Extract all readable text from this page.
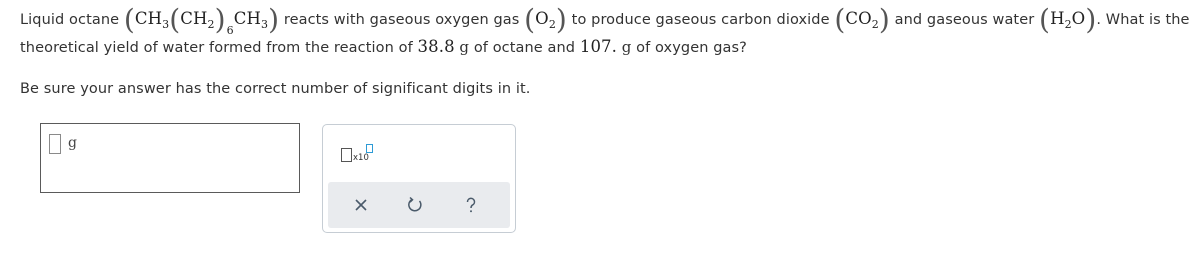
Liquid octane $(CH_3(CH_2)_6CH_3)$ reacts with gaseous oxygen gas $(O_2)$ to produce gaseous carbon dioxide $(CO_2)$ and gaseous water $(H_2O)$. What is the
theoretical yield of water formed from the reaction of 38.8 g of octane and 107. g of oxygen gas?
Be sure your answer has the correct number of significant digits in it.
g
x10
